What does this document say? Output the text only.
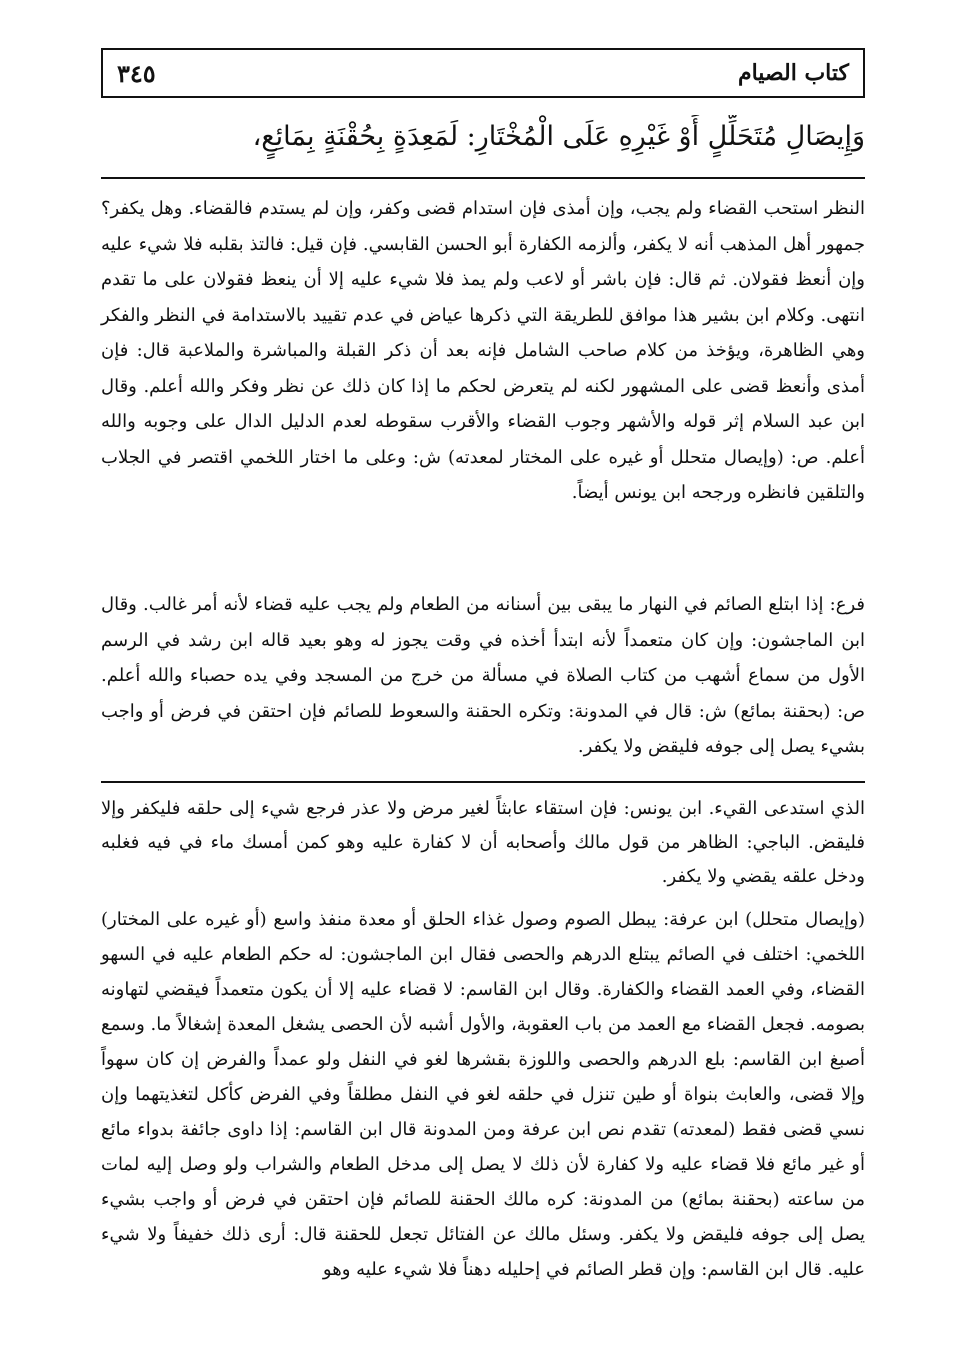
كتاب الصيام
٣٤٥
وَإِيصَالِ مُتَحَلِّلٍ أَوْ غَيْرِهِ عَلَى الْمُخْتَارِ: لَمَعِدَةٍ بِحُقْنَةٍ بِمَائِعٍ،

النظر استحب القضاء ولم يجب، وإن أمذى فإن استدام قضى وكفر، وإن لم يستدم فالقضاء. وهل يكفر؟ جمهور أهل المذهب أنه لا يكفر، وألزمه الكفارة أبو الحسن القابسي. فإن قيل: فالتذ بقلبه فلا شيء عليه وإن أنعظ فقولان. ثم قال: فإن باشر أو لاعب ولم يمذ فلا شيء عليه إلا أن ينعظ فقولان على ما تقدم انتهى. وكلام ابن بشير هذا موافق للطريقة التي ذكرها عياض في عدم تقييد بالاستدامة في النظر والفكر وهي الظاهرة، ويؤخذ من كلام صاحب الشامل فإنه بعد أن ذكر القبلة والمباشرة والملاعبة قال: فإن أمذى وأنعظ قضى على المشهور لكنه لم يتعرض لحكم ما إذا كان ذلك عن نظر وفكر والله أعلم. وقال ابن عبد السلام إثر قوله والأشهر وجوب القضاء والأقرب سقوطه لعدم الدليل الدال على وجوبه والله أعلم. ص: (وإيصال متحلل أو غيره على المختار لمعدته) ش: وعلى ما اختار اللخمي اقتصر في الجلاب والتلقين فانظره ورجحه ابن يونس أيضاً.

فرع: إذا ابتلع الصائم في النهار ما يبقى بين أسنانه من الطعام ولم يجب عليه قضاء لأنه أمر غالب. وقال ابن الماجشون: وإن كان متعمداً لأنه ابتدأ أخذه في وقت يجوز له وهو بعيد قاله ابن رشد في الرسم الأول من سماع أشهب من كتاب الصلاة في مسألة من خرج من المسجد وفي يده حصباء والله أعلم. ص: (بحقنة بمائع) ش: قال في المدونة: وتكره الحقنة والسعوط للصائم فإن احتقن في فرض أو واجب بشيء يصل إلى جوفه فليقض ولا يكفر.

الذي استدعى القيء. ابن يونس: فإن استقاء عابثاً لغير مرض ولا عذر فرجع شيء إلى حلقه فليكفر وإلا فليقض. الباجي: الظاهر من قول مالك وأصحابه أن لا كفارة عليه وهو كمن أمسك ماء في فيه فغلبه ودخل علقه يقضي ولا يكفر.

(وإيصال متحلل) ابن عرفة: يبطل الصوم وصول غذاء الحلق أو معدة منفذ واسع (أو غيره على المختار) اللخمي: اختلف في الصائم يبتلع الدرهم والحصى فقال ابن الماجشون: له حكم الطعام عليه في السهو القضاء، وفي العمد القضاء والكفارة. وقال ابن القاسم: لا قضاء عليه إلا أن يكون متعمداً فيقضي لتهاونه بصومه. فجعل القضاء مع العمد من باب العقوبة، والأول أشبه لأن الحصى يشغل المعدة إشغالاً ما. وسمع أصبغ ابن القاسم: بلع الدرهم والحصى واللوزة بقشرها لغو في النفل ولو عمداً والفرض إن كان سهواً وإلا قضى، والعابث بنواة أو طين تنزل في حلقه لغو في النفل مطلقاً وفي الفرض كأكل لتغذيتهما وإن نسي قضى فقط (لمعدته) تقدم نص ابن عرفة ومن المدونة قال ابن القاسم: إذا داوى جائفة بدواء مائع أو غير مائع فلا قضاء عليه ولا كفارة لأن ذلك لا يصل إلى مدخل الطعام والشراب ولو وصل إليه لمات من ساعته (بحقنة بمائع) من المدونة: كره مالك الحقنة للصائم فإن احتقن في فرض أو واجب بشيء يصل إلى جوفه فليقض ولا يكفر. وسئل مالك عن الفتائل تجعل للحقنة قال: أرى ذلك خفيفاً ولا شيء عليه. قال ابن القاسم: وإن قطر الصائم في إحليله دهناً فلا شيء عليه وهو
